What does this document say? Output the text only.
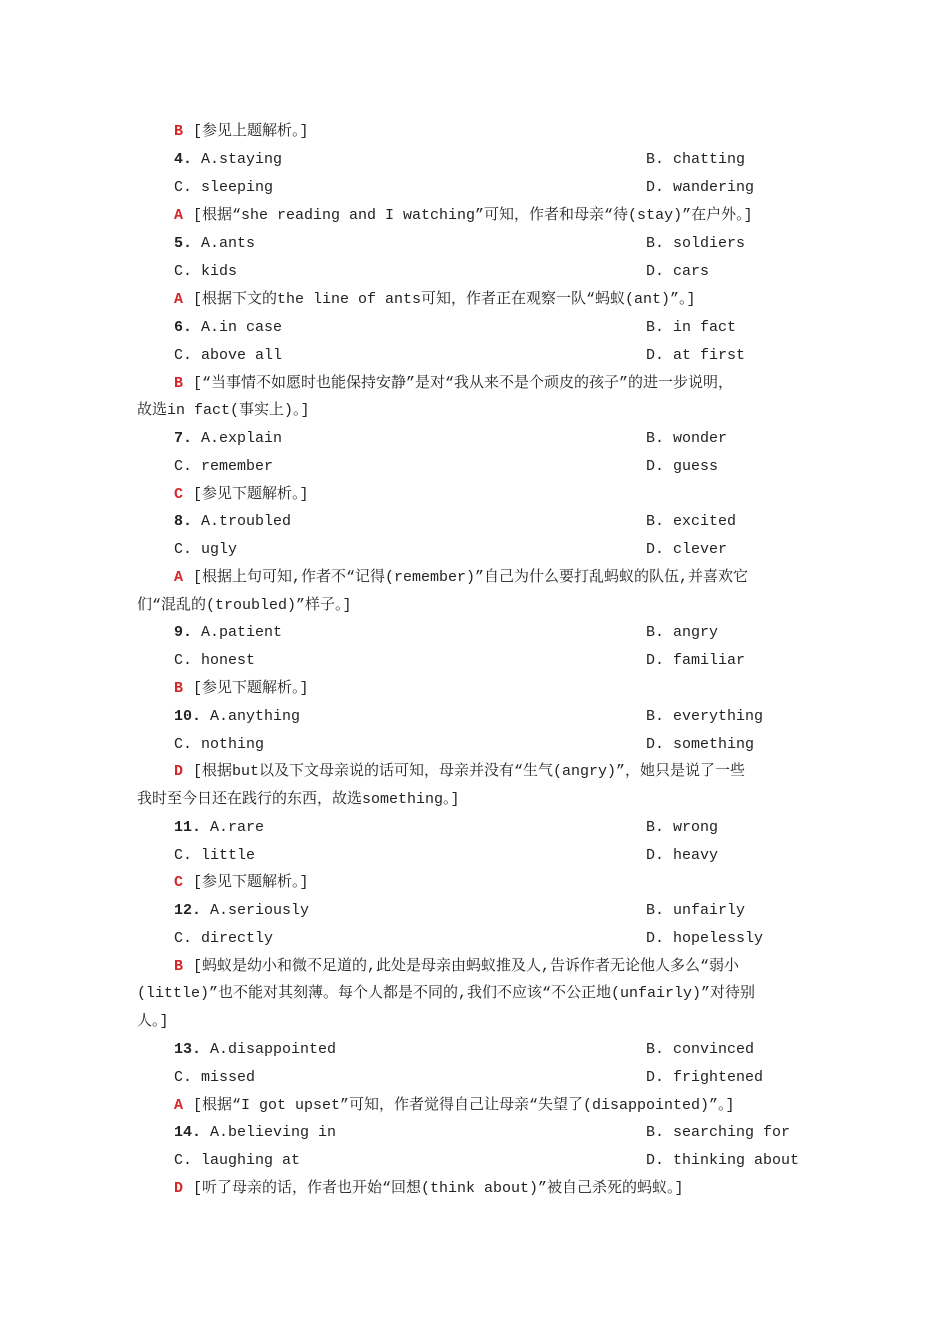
B [参见上题解析。]
4. A.staying	B. chatting
C. sleeping	D. wandering
A [根据“she reading and I watching”可知，作者和母亲“待(stay)”在户外。]
5. A.ants	B. soldiers
C. kids	D. cars
A [根据下文的the line of ants可知，作者正在观察一队“蚂蚁(ant)”。]
6. A.in case	B. in fact
C. above all	D. at first
B [“当事情不如愿时也能保持安静”是对“我从来不是个顽皮的孩子”的进一步说明，
故选in fact(事实上)。]
7. A.explain	B. wonder
C. remember	D. guess
C [参见下题解析。]
8. A.troubled	B. excited
C. ugly	D. clever
A [根据上句可知,作者不“记得(remember)”自己为什么要打乱蚂蚁的队伍,并喜欢它
们“混乱的(troubled)”样子。]
9. A.patient	B. angry
C. honest	D. familiar
B [参见下题解析。]
10. A.anything	B. everything
C. nothing	D. something
D [根据but以及下文母亲说的话可知，母亲并没有“生气(angry)”，她只是说了一些
我时至今日还在践行的东西，故选something。]
11. A.rare	B. wrong
C. little	D. heavy
C [参见下题解析。]
12. A.seriously	B. unfairly
C. directly	D. hopelessly
B [蚂蚁是幼小和微不足道的,此处是母亲由蚂蚁推及人,告诉作者无论他人多么“弱小
(little)”也不能对其刻薄。每个人都是不同的,我们不应该“不公正地(unfairly)”对待别
人。]
13. A.disappointed	B. convinced
C. missed	D. frightened
A [根据“I got upset”可知，作者觉得自己让母亲“失望了(disappointed)”。]
14. A.believing in	B. searching for
C. laughing at	D. thinking about
D [听了母亲的话，作者也开始“回想(think about)”被自己杀死的蚂蚁。]
